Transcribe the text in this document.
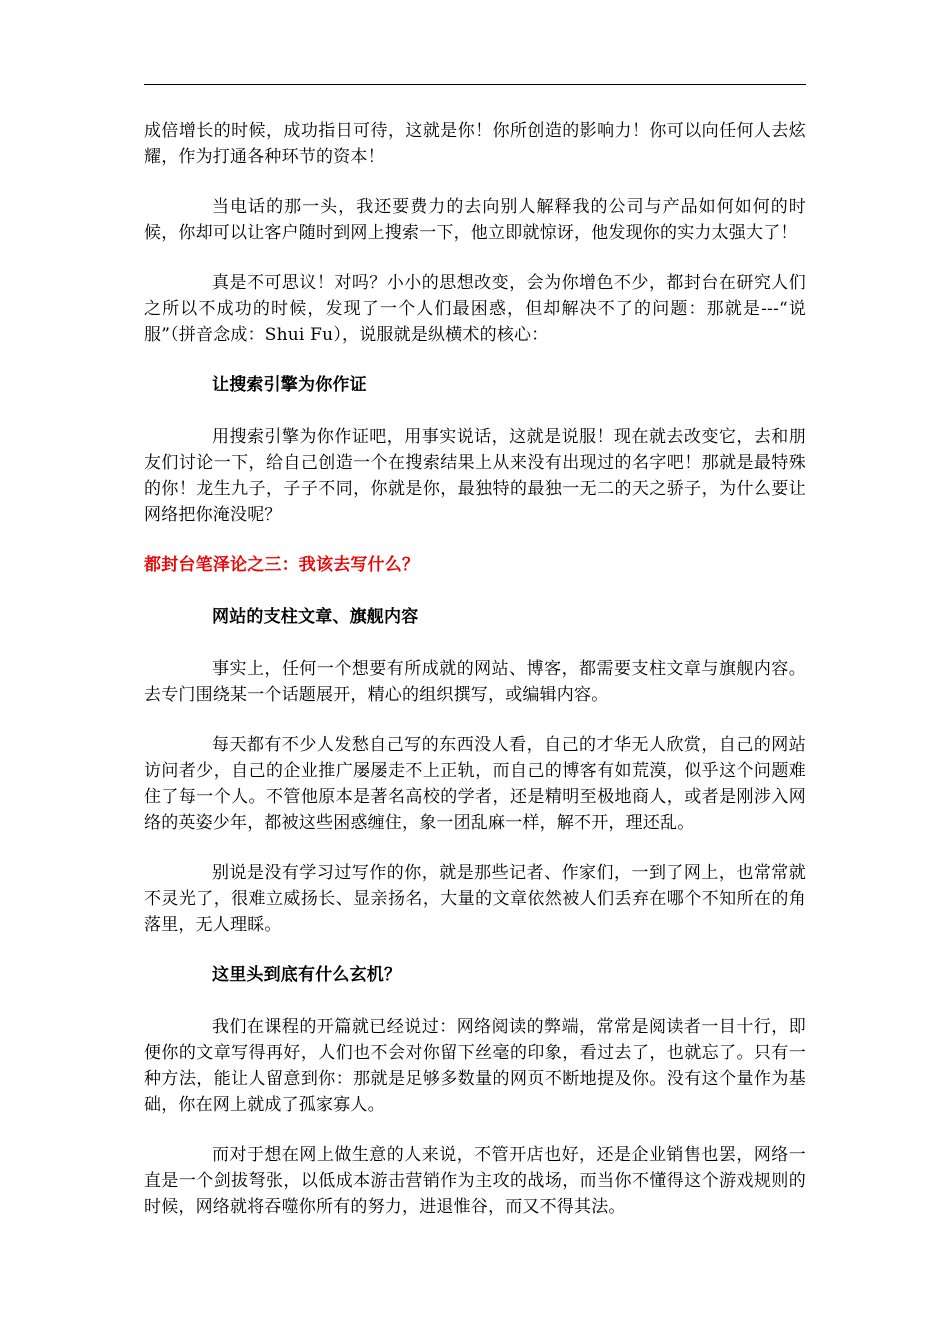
成倍增长的时候，成功指日可待，这就是你！你所创造的影响力！你可以向任何人去炫耀，作为打通各种环节的资本！

当电话的那一头，我还要费力的去向别人解释我的公司与产品如何如何的时候，你却可以让客户随时到网上搜索一下，他立即就惊讶，他发现你的实力太强大了！

真是不可思议！对吗？小小的思想改变，会为你增色不少，都封台在研究人们之所以不成功的时候，发现了一个人们最困惑，但却解决不了的问题：那就是---“说服”（拼音念成：Shui Fu），说服就是纵横术的核心：

让搜索引擎为你作证

用搜索引擎为你作证吧，用事实说话，这就是说服！现在就去改变它，去和朋友们讨论一下，给自己创造一个在搜索结果上从来没有出现过的名字吧！那就是最特殊的你！龙生九子，子子不同，你就是你，最独特的最独一无二的天之骄子，为什么要让网络把你淹没呢？

都封台笔泽论之三：我该去写什么？

网站的支柱文章、旗舰内容

事实上，任何一个想要有所成就的网站、博客，都需要支柱文章与旗舰内容。去专门围绕某一个话题展开，精心的组织撰写，或编辑内容。

每天都有不少人发愁自己写的东西没人看，自己的才华无人欣赏，自己的网站访问者少，自己的企业推广屡屡走不上正轨，而自己的博客有如荒漠，似乎这个问题难 住了每一个人。不管他原本是著名高校的学者，还是精明至极地商人，或者是刚涉入网络的英姿少年，都被这些困惑缠住，象一团乱麻一样，解不开，理还乱。

别说是没有学习过写作的你，就是那些记者、作家们，一到了网上，也常常就不灵光了，很难立威扬长、显亲扬名，大量的文章依然被人们丢弃在哪个不知所在的角落里，无人理睬。

这里头到底有什么玄机？

我们在课程的开篇就已经说过：网络阅读的弊端，常常是阅读者一目十行，即便你的文章写得再好，人们也不会对你留下丝毫的印象，看过去了，也就忘了。只有一种方法，能让人留意到你：那就是足够多数量的网页不断地提及你。没有这个量作为基础，你在网上就成了孤家寡人。

而对于想在网上做生意的人来说，不管开店也好，还是企业销售也罢，网络一直是一个剑拔弩张，以低成本游击营销作为主攻的战场，而当你不懂得这个游戏规则的时候，网络就将吞噬你所有的努力，进退惟谷，而又不得其法。
